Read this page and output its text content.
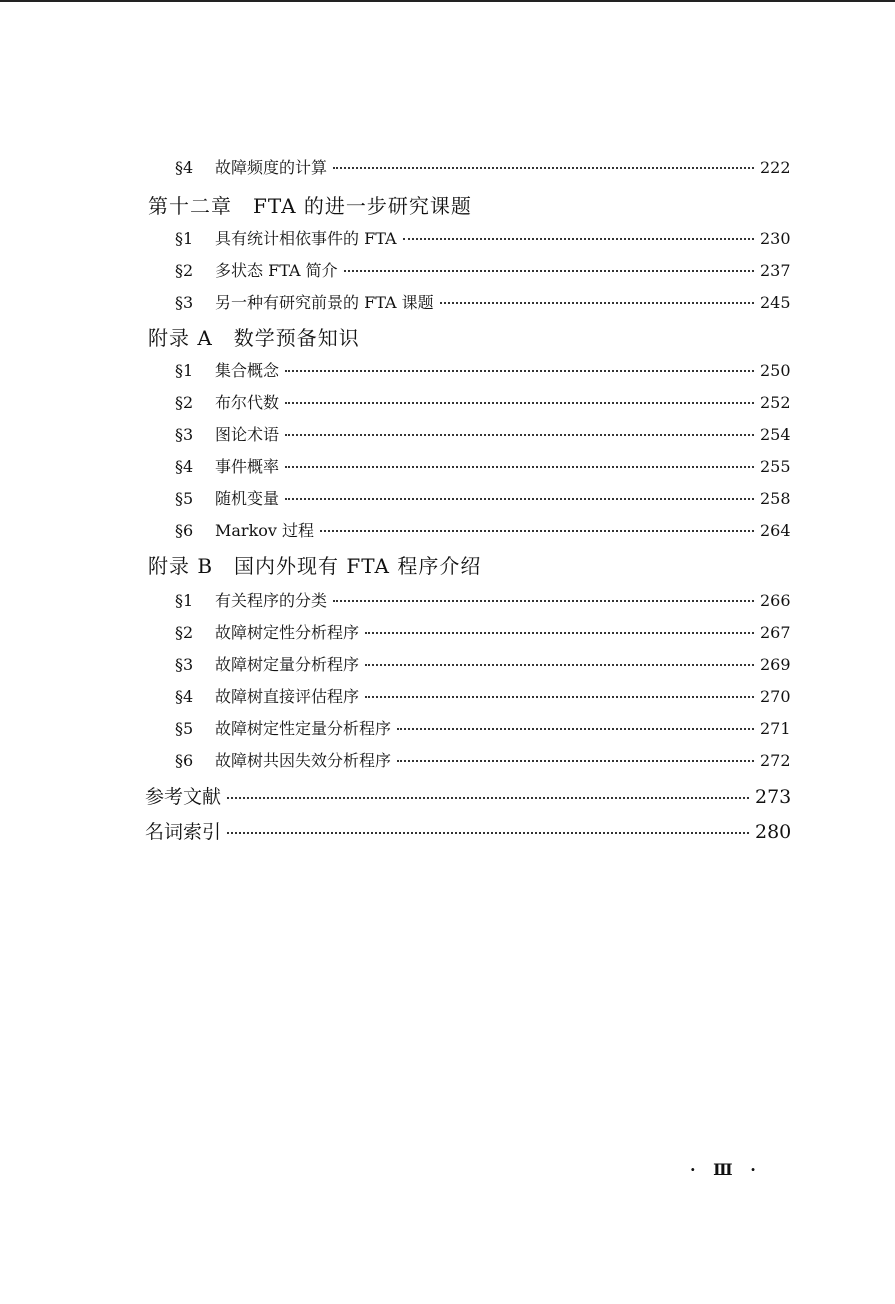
§4	故障频度的计算	222
第十二章　FTA 的进一步研究课题
§1	具有统计相依事件的 FTA	230
§2	多状态 FTA 简介	237
§3	另一种有研究前景的 FTA 课题	245
附录 A　数学预备知识
§1	集合概念	250
§2	布尔代数	252
§3	图论术语	254
§4	事件概率	255
§5	随机变量	258
§6	Markov 过程	264
附录 B　国内外现有 FTA 程序介绍
§1	有关程序的分类	266
§2	故障树定性分析程序	267
§3	故障树定量分析程序	269
§4	故障树直接评估程序	270
§5	故障树定性定量分析程序	271
§6	故障树共因失效分析程序	272
参考文献	273
名词索引	280
· Ⅲ ·
